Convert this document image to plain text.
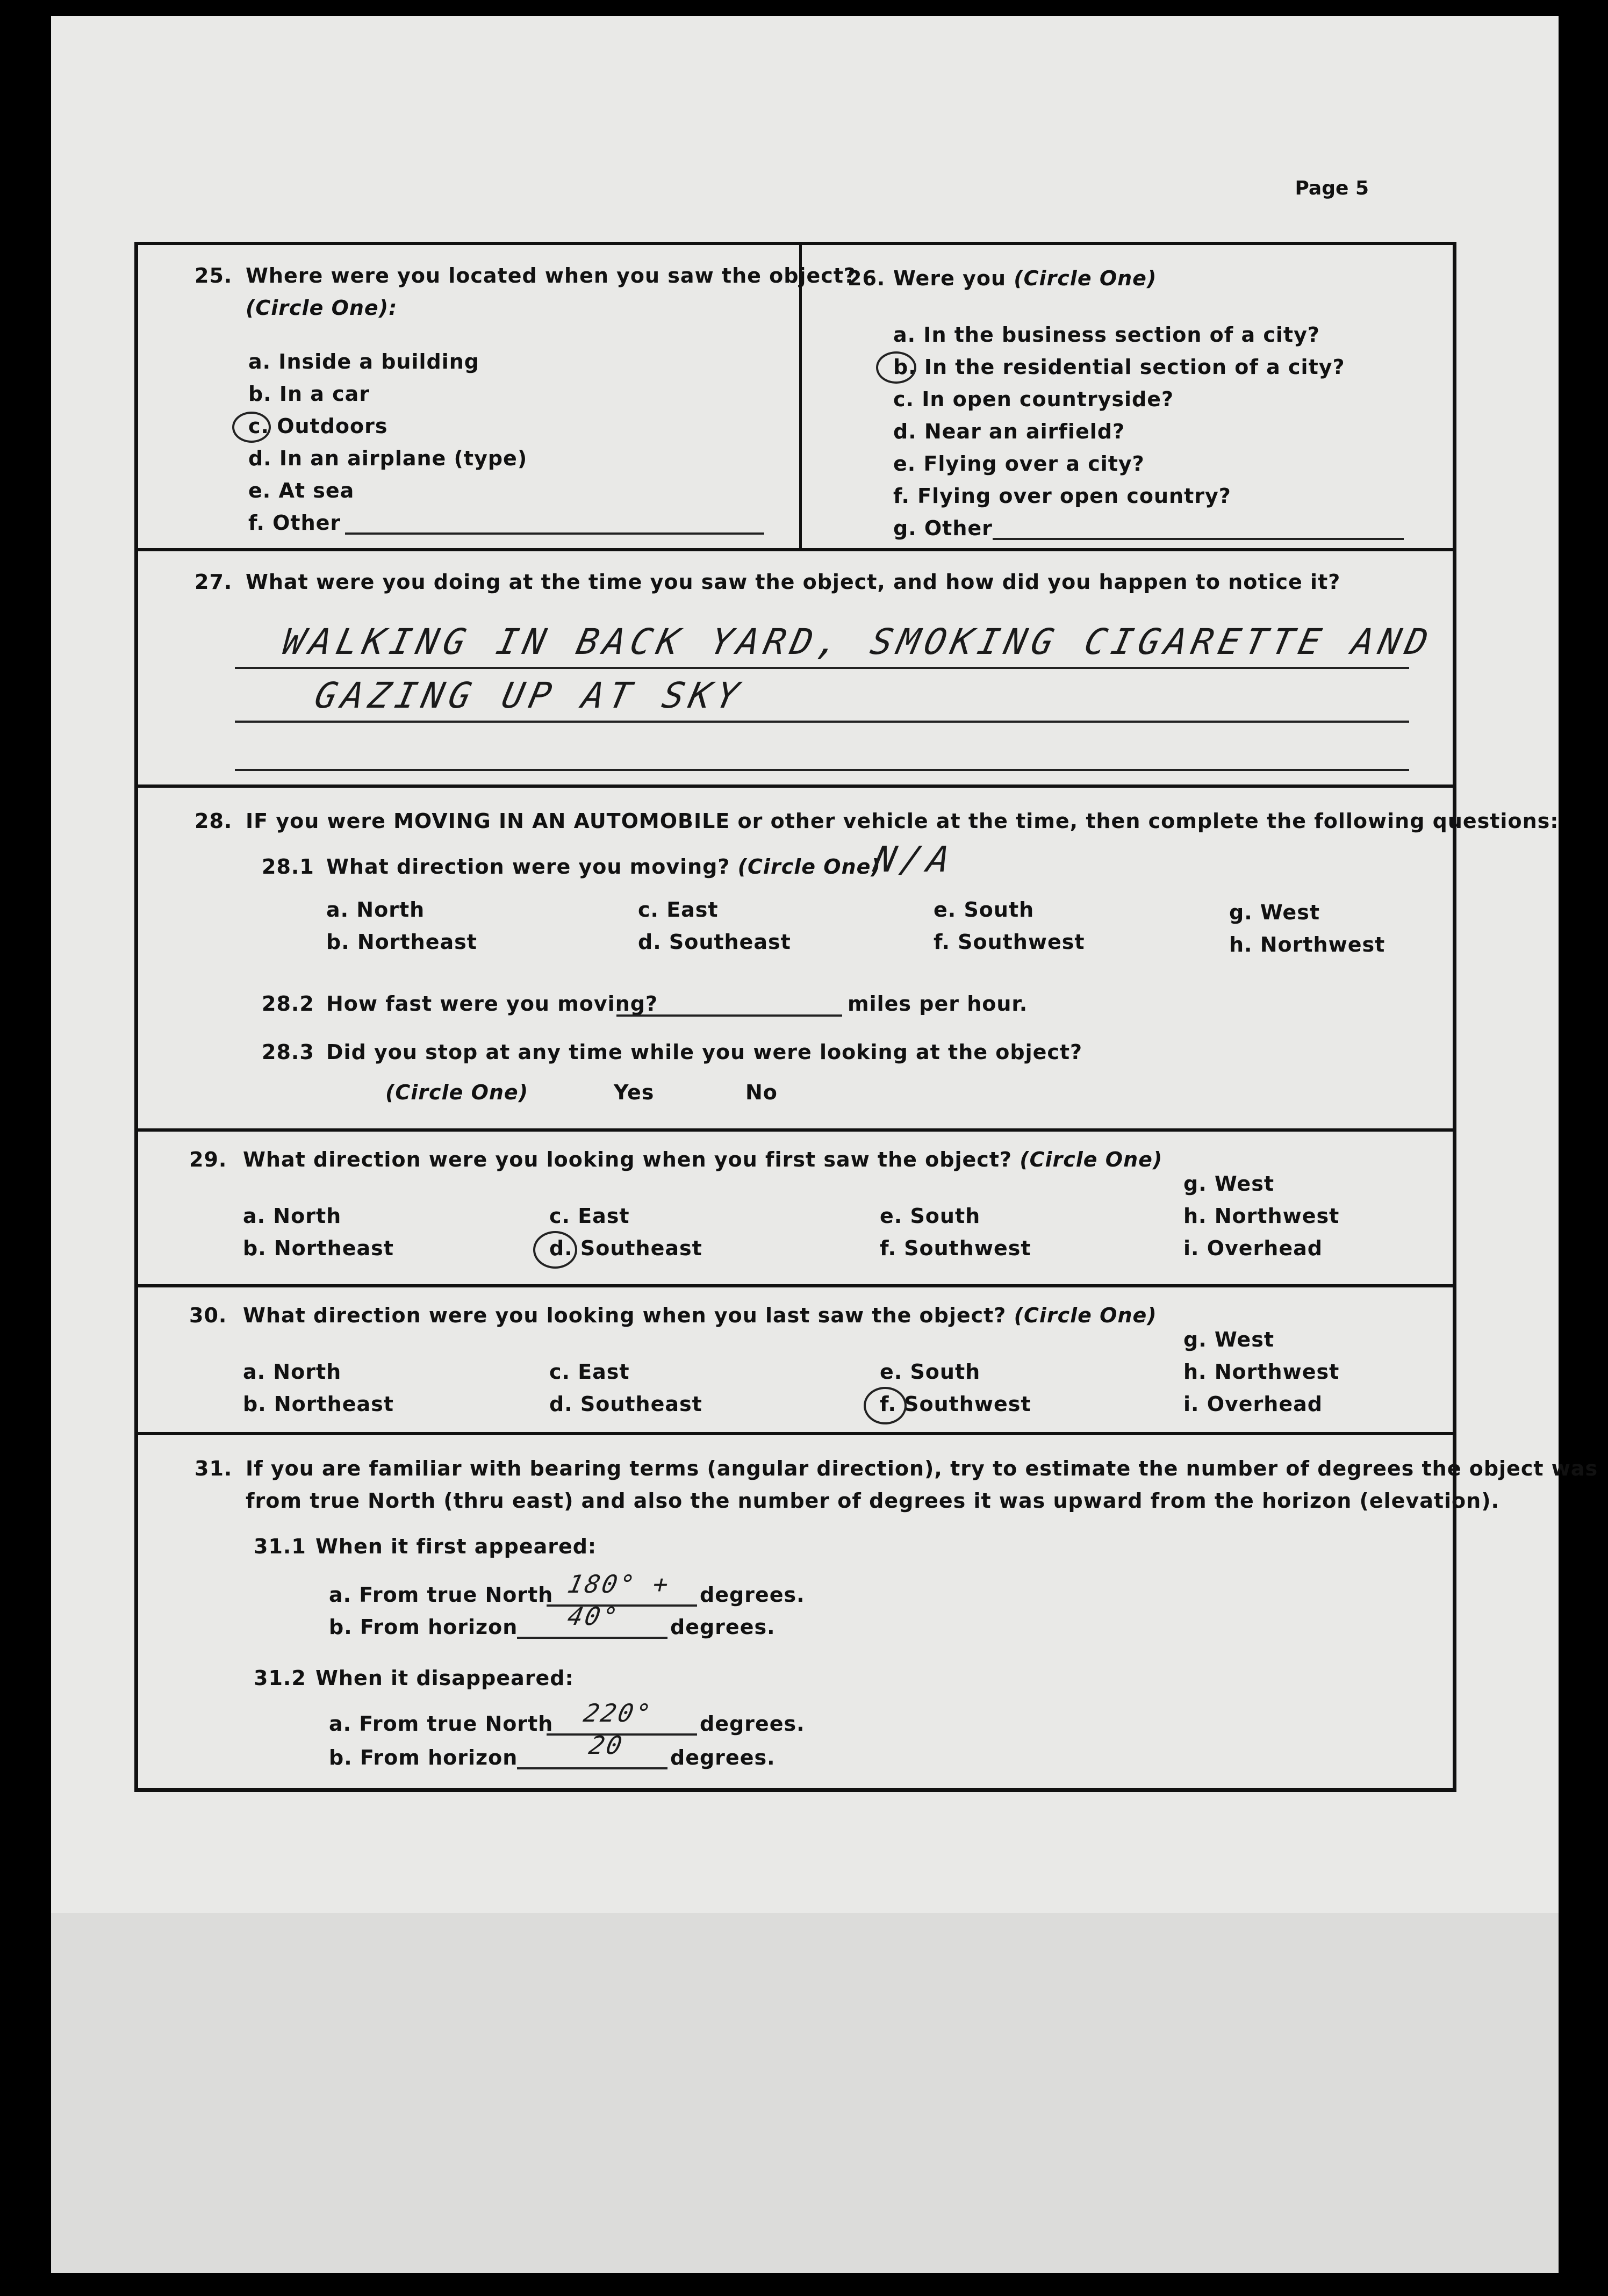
Page 5
25. Where were you located when you saw the object?
(Circle One):
a. Inside a building
b. In a car
c. Outdoors
d. In an airplane (type)
e. At sea
f. Other
26. Were you (Circle One)
a. In the business section of a city?
b. In the residential section of a city?
c. In open countryside?
d. Near an airfield?
e. Flying over a city?
f. Flying over open country?
g. Other
27. What were you doing at the time you saw the object, and how did you happen to notice it?
WALKING IN BACK YARD, SMOKING CIGARETTE AND
GAZING UP AT SKY
28. IF you were MOVING IN AN AUTOMOBILE or other vehicle at the time, then complete the following questions:
28.1 What direction were you moving? (Circle One)
N/A
a. North
b. Northeast
c. East
d. Southeast
e. South
f. Southwest
g. West
h. Northwest
28.2 How fast were you moving?	miles per hour.
28.3 Did you stop at any time while you were looking at the object?
(Circle One)	Yes	No
29. What direction were you looking when you first saw the object? (Circle One)
a. North
b. Northeast
c. East
d. Southeast
e. South
f. Southwest
g. West
h. Northwest
i. Overhead
30. What direction were you looking when you last saw the object? (Circle One)
a. North
b. Northeast
c. East
d. Southeast
e. South
f. Southwest
g. West
h. Northwest
i. Overhead
31. If you are familiar with bearing terms (angular direction), try to estimate the number of degrees the object was
from true North (thru east) and also the number of degrees it was upward from the horizon (elevation).
31.1 When it first appeared:
a. From true North 180° + degrees.
b. From horizon 40° degrees.
31.2 When it disappeared:
a. From true North 220° degrees.
b. From horizon	20 degrees.
